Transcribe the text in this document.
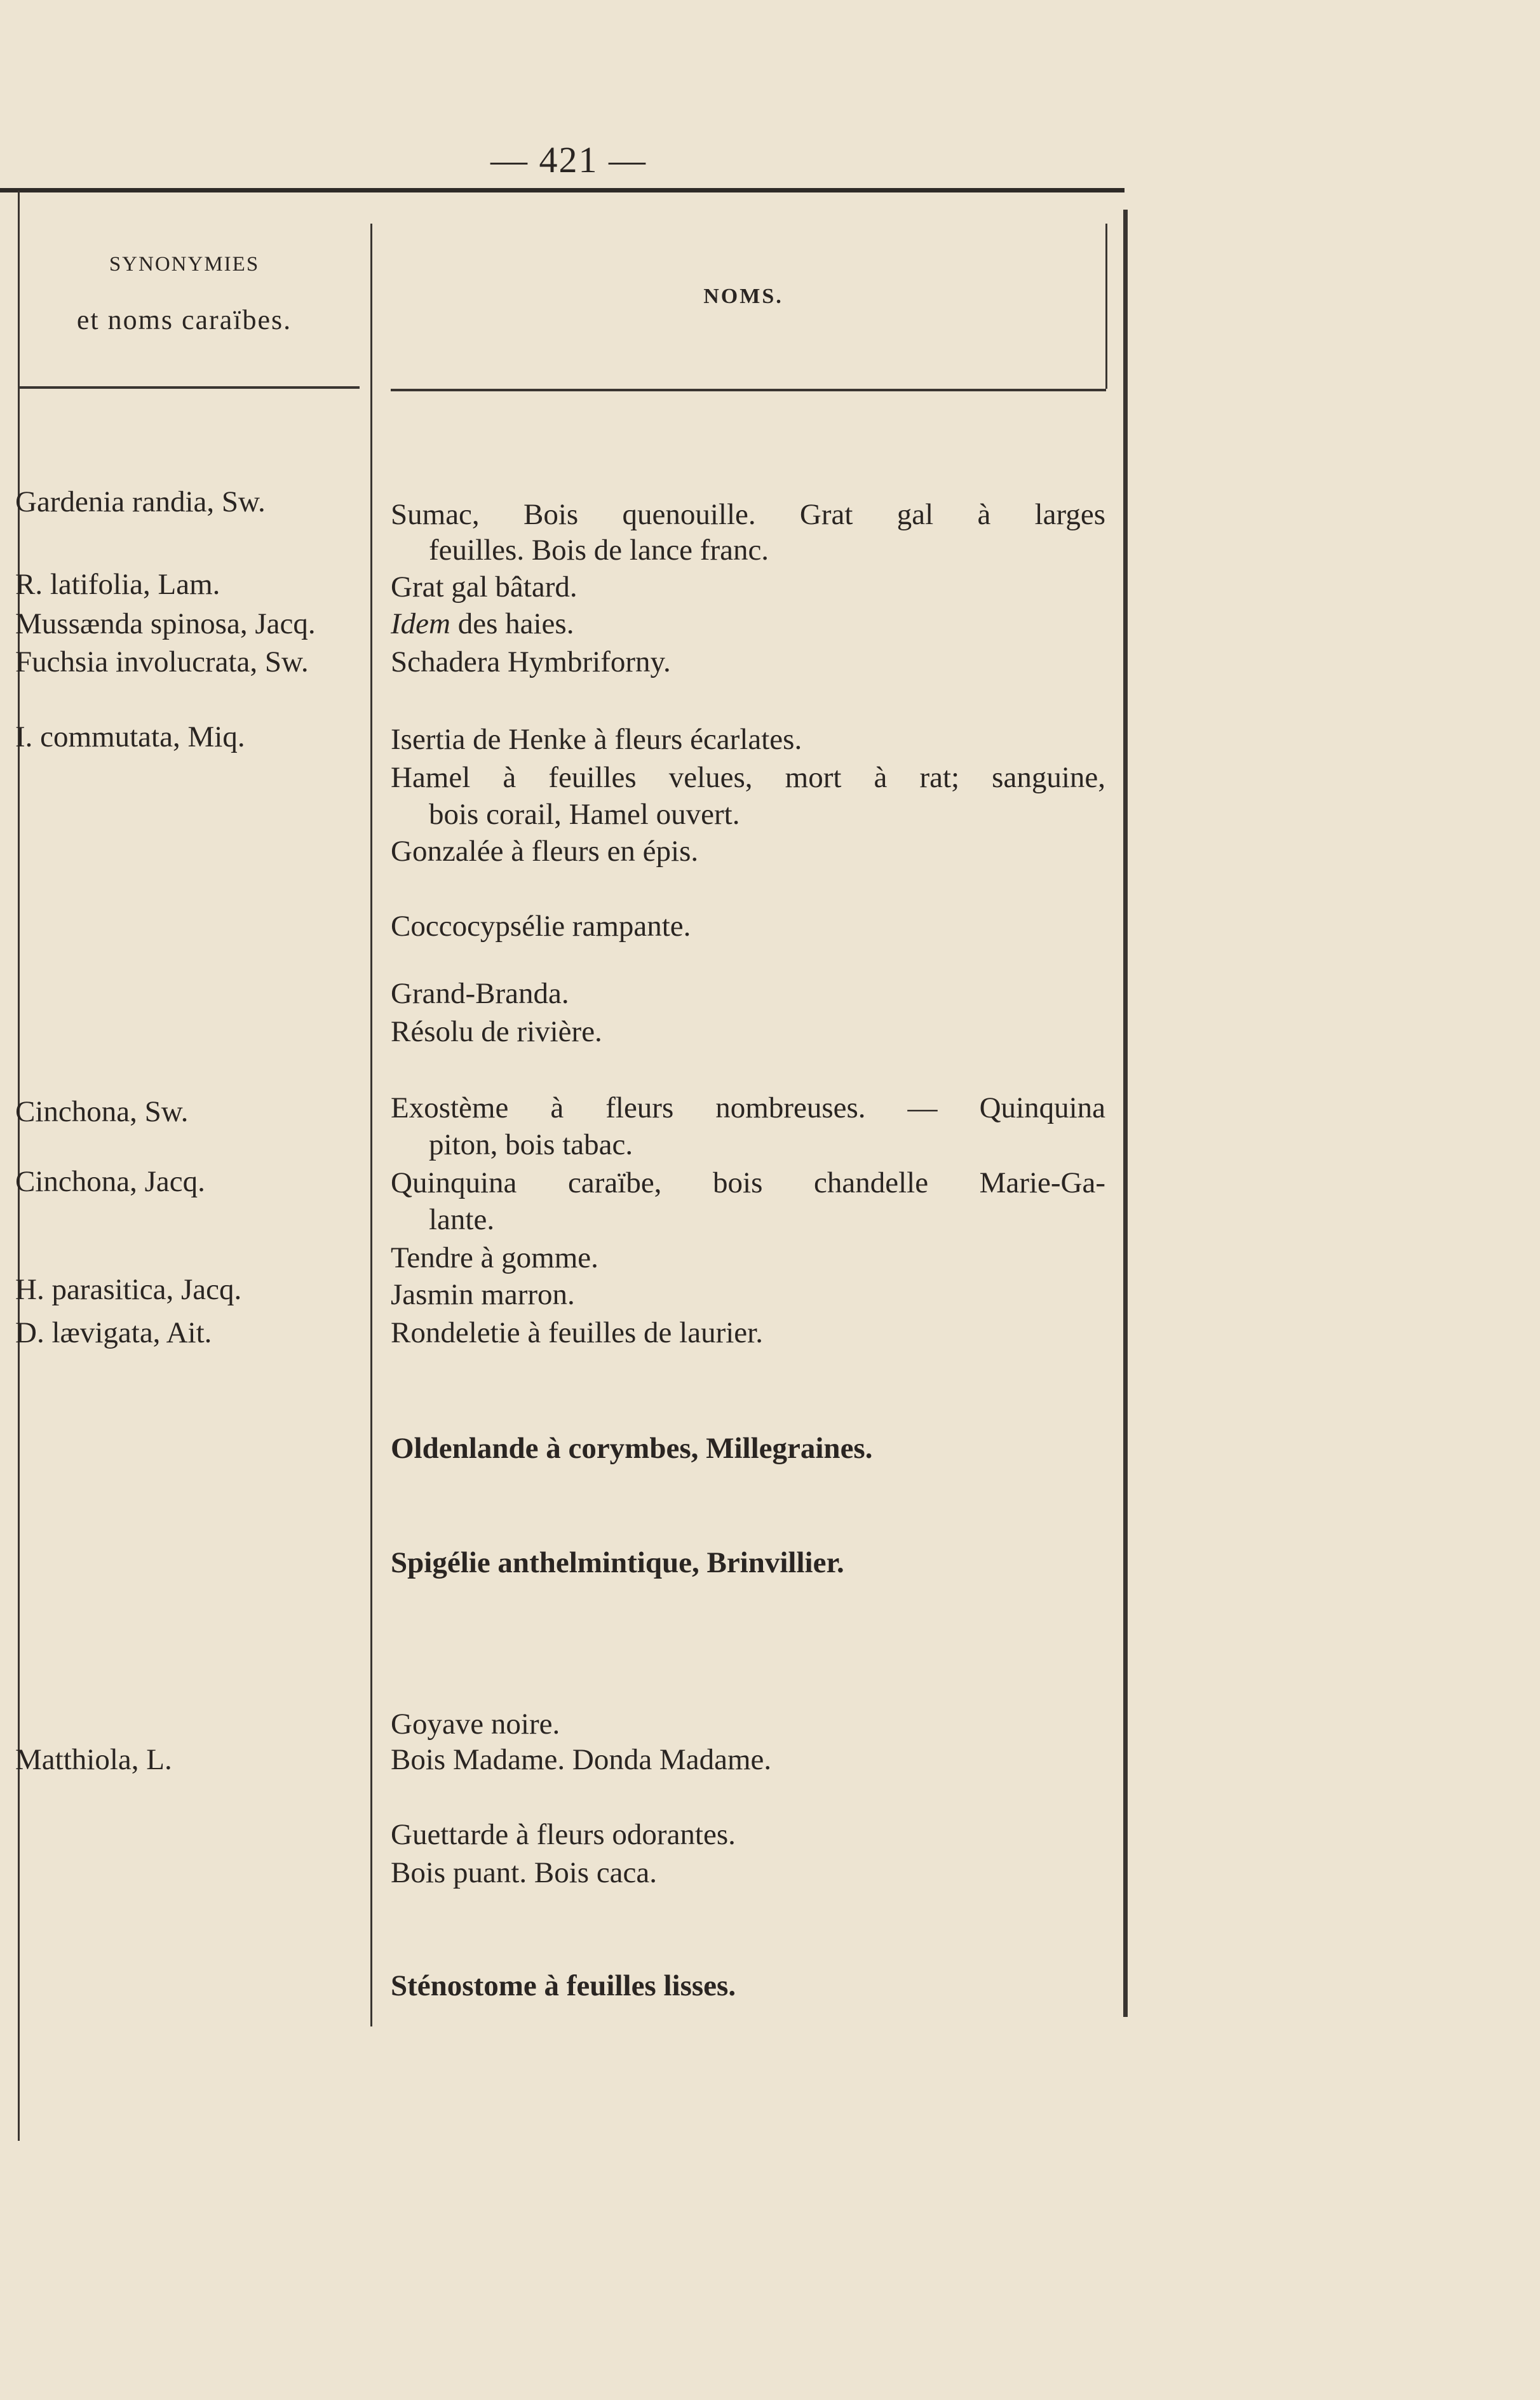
— 421 —
SYNONYMIES
et noms caraïbes.
NOMS.
Gardenia randia, Sw.
R. latifolia, Lam.
Mussænda spinosa, Jacq.
Fuchsia involucrata, Sw.
I. commutata, Miq.
Cinchona, Sw.
Cinchona, Jacq.
H. parasitica, Jacq.
D. lævigata, Ait.
Matthiola, L.
Sumac, Bois quenouille. Grat gal à larges
feuilles. Bois de lance franc.
Grat gal bâtard.
Idem des haies.
Schadera Hymbriforny.
Isertia de Henke à fleurs écarlates.
Hamel à feuilles velues, mort à rat; sanguine,
bois corail, Hamel ouvert.
Gonzalée à fleurs en épis.
Coccocypsélie rampante.
Grand-Branda.
Résolu de rivière.
Exostème à fleurs nombreuses. — Quinquina
piton, bois tabac.
Quinquina caraïbe, bois chandelle Marie-Ga-
lante.
Tendre à gomme.
Jasmin marron.
Rondeletie à feuilles de laurier.
Oldenlande à corymbes, Millegraines.
Spigélie anthelmintique, Brinvillier.
Goyave noire.
Bois Madame. Donda Madame.
Guettarde à fleurs odorantes.
Bois puant. Bois caca.
Sténostome à feuilles lisses.
